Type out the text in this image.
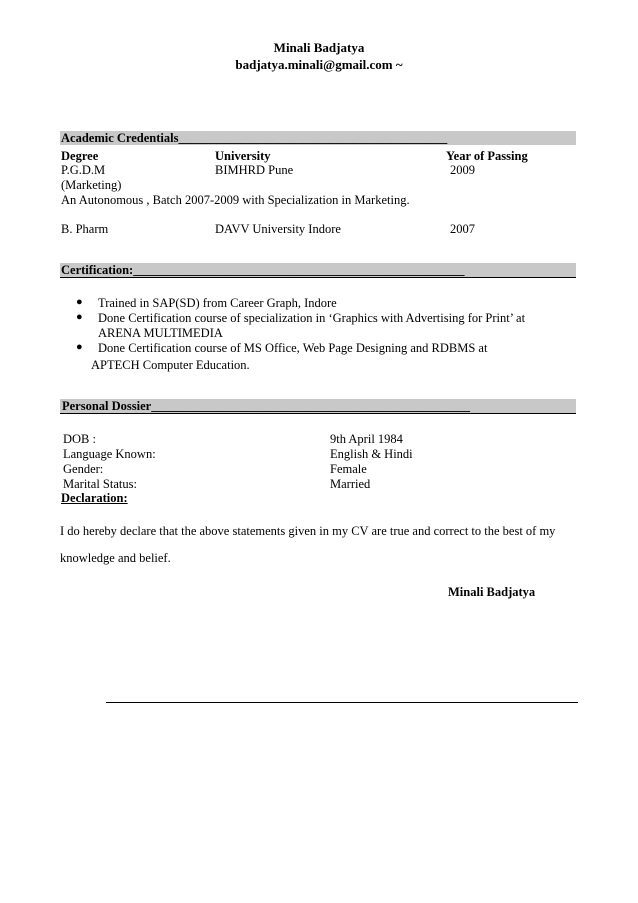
Minali Badjatya
badjatya.minali@gmail.com ~
Academic Credentials___________________________________________
Degree	University	Year of Passing
P.G.D.M	BIMHRD Pune	2009
(Marketing)
An Autonomous , Batch 2007-2009 with Specialization in Marketing.
B. Pharm	DAVV University Indore	2007
Certification:_____________________________________________________
● Trained in SAP(SD) from Career Graph, Indore
● Done Certification course of specialization in ‘Graphics with Advertising for Print’ at
ARENA MULTIMEDIA
● Done Certification course of MS Office, Web Page Designing and RDBMS at
APTECH Computer Education.
Personal Dossier___________________________________________________
DOB :	9th April 1984
Language Known:	English & Hindi
Gender:	Female
Marital Status:	Married
Declaration:
I do hereby declare that the above statements given in my CV are true and correct to the best of my knowledge and belief.
Minali Badjatya
